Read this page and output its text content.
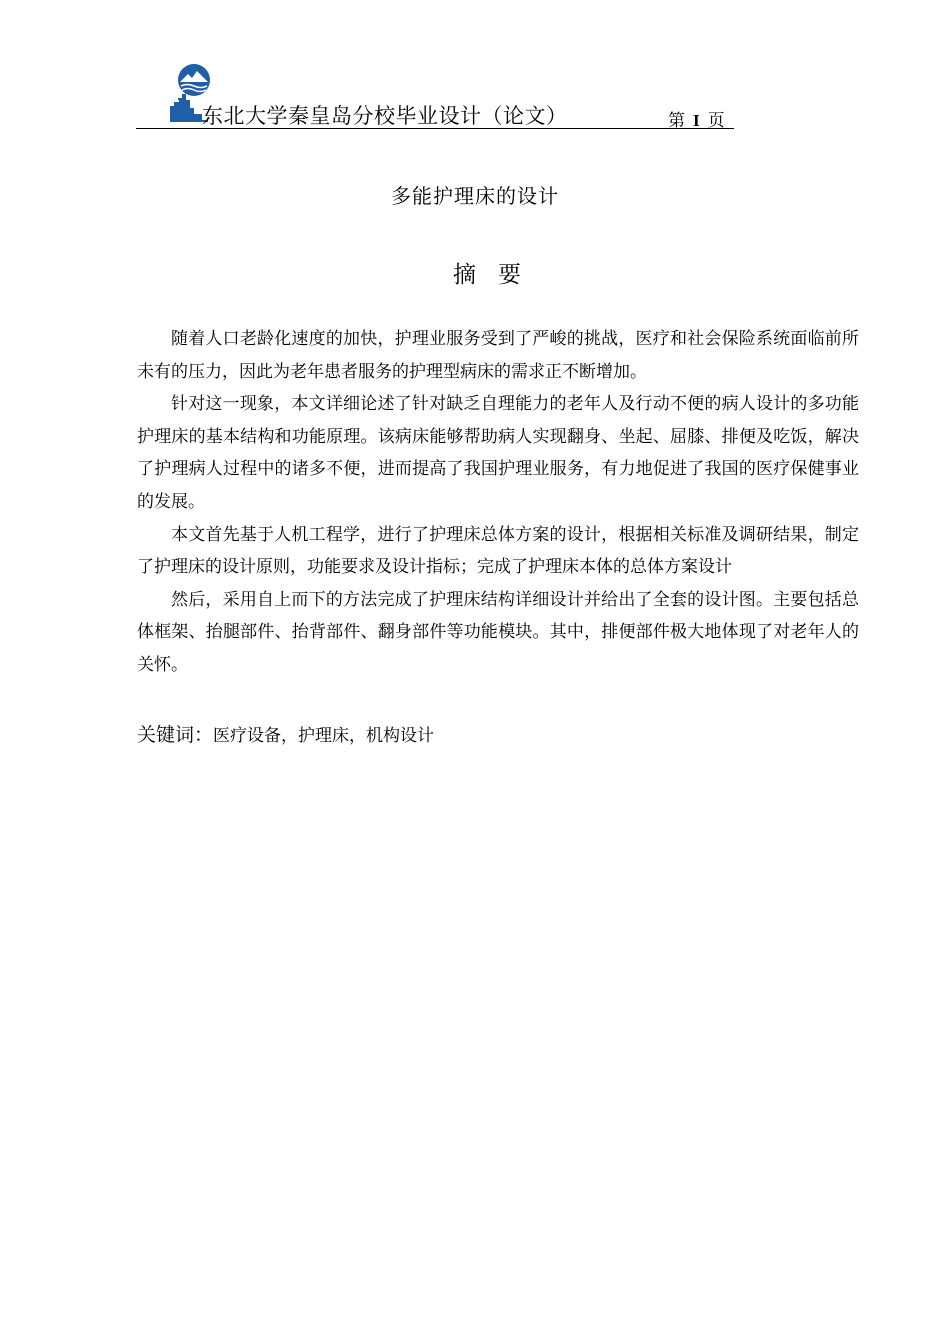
东北大学秦皇岛分校毕业设计（论文）	第 I 页
多能护理床的设计
摘要

随着人口老龄化速度的加快，护理业服务受到了严峻的挑战，医疗和社会保险系统面临前所未有的压力，因此为老年患者服务的护理型病床的需求正不断增加。

针对这一现象，本文详细论述了针对缺乏自理能力的老年人及行动不便的病人设计的多功能护理床的基本结构和功能原理。该病床能够帮助病人实现翻身、坐起、屈膝、排便及吃饭，解决了护理病人过程中的诸多不便，进而提高了我国护理业服务，有力地促进了我国的医疗保健事业的发展。

本文首先基于人机工程学，进行了护理床总体方案的设计，根据相关标准及调研结果，制定了护理床的设计原则，功能要求及设计指标；完成了护理床本体的总体方案设计

然后，采用自上而下的方法完成了护理床结构详细设计并给出了全套的设计图。主要包括总体框架、抬腿部件、抬背部件、翻身部件等功能模块。其中，排便部件极大地体现了对老年人的关怀。

关键词：医疗设备，护理床，机构设计
